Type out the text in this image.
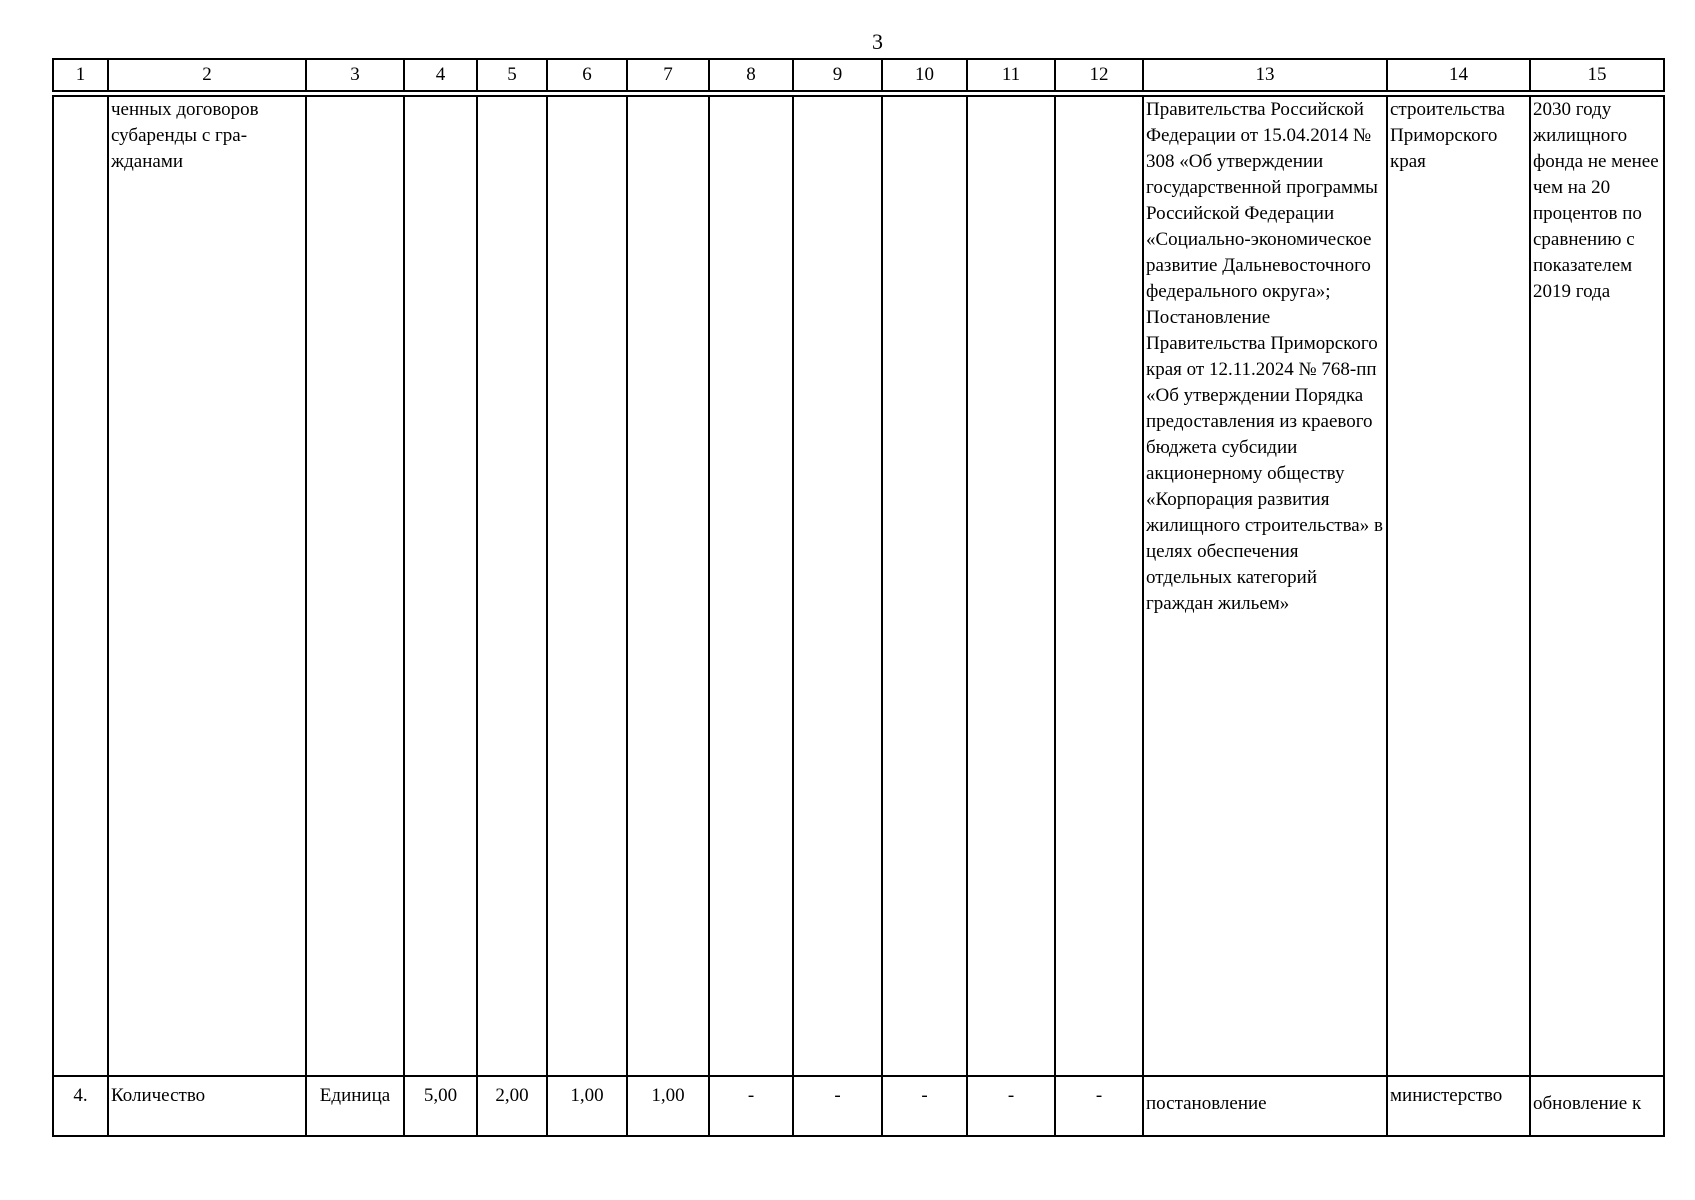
3
1	2	3	4	5	6	7	8	9	10	11	12	13	14	15

	ченных договоров субаренды с гра-жданами											Правительства Российской Федерации от 15.04.2014 № 308 «Об утверждении государственной программы Российской Федерации «Социально-экономическое развитие Дальневосточного федерального округа»; Постановление Правительства Приморского края от 12.11.2024 № 768-пп «Об утверждении Порядка предоставления из краевого бюджета субсидии акционерному обществу «Корпорация развития жилищного строительства» в целях обеспечения отдельных категорий граждан жильем»	строительства Приморского края	2030 году жилищного фонда не менее чем на 20 процентов по сравнению с показателем 2019 года
4.	Количество	Единица	5,00	2,00	1,00	1,00	-	-	-	-	-	постановление	министерство	обновление к
